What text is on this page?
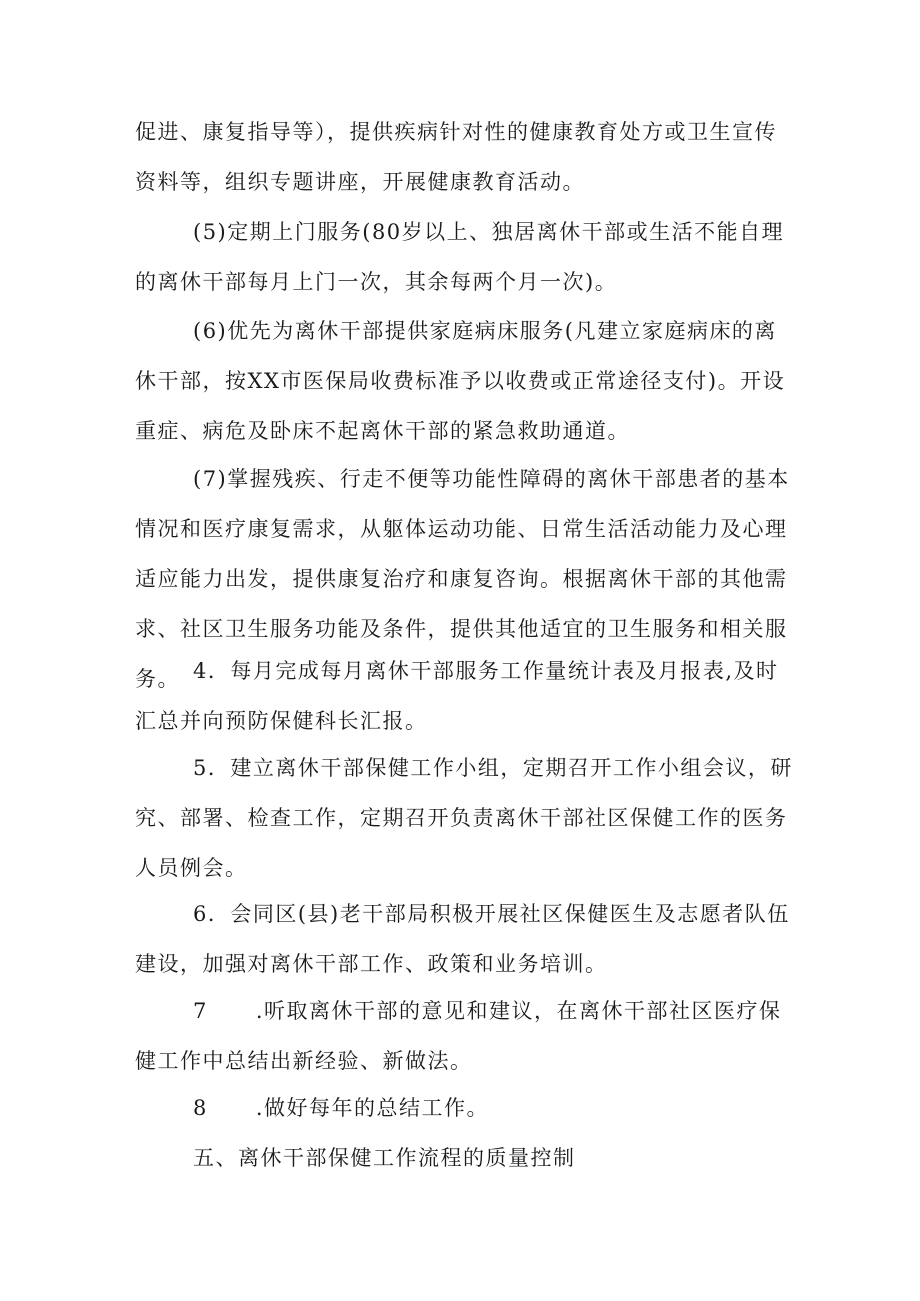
促进、康复指导等），提供疾病针对性的健康教育处方或卫生宣传资料等，组织专题讲座，开展健康教育活动。

(5)定期上门服务(80岁以上、独居离休干部或生活不能自理的离休干部每月上门一次，其余每两个月一次)。

(6)优先为离休干部提供家庭病床服务(凡建立家庭病床的离休干部，按XX市医保局收费标准予以收费或正常途径支付)。开设重症、病危及卧床不起离休干部的紧急救助通道。

(7)掌握残疾、行走不便等功能性障碍的离休干部患者的基本情况和医疗康复需求，从躯体运动功能、日常生活活动能力及心理适应能力出发，提供康复治疗和康复咨询。根据离休干部的其他需求、社区卫生服务功能及条件，提供其他适宜的卫生服务和相关服务。 4．每月完成每月离休干部服务工作量统计表及月报表,及时汇总并向预防保健科长汇报。

5．建立离休干部保健工作小组，定期召开工作小组会议，研究、部署、检查工作，定期召开负责离休干部社区保健工作的医务人员例会。

6．会同区(县)老干部局积极开展社区保健医生及志愿者队伍建设，加强对离休干部工作、政策和业务培训。

7 .听取离休干部的意见和建议，在离休干部社区医疗保健工作中总结出新经验、新做法。

8 .做好每年的总结工作。

五、离休干部保健工作流程的质量控制
